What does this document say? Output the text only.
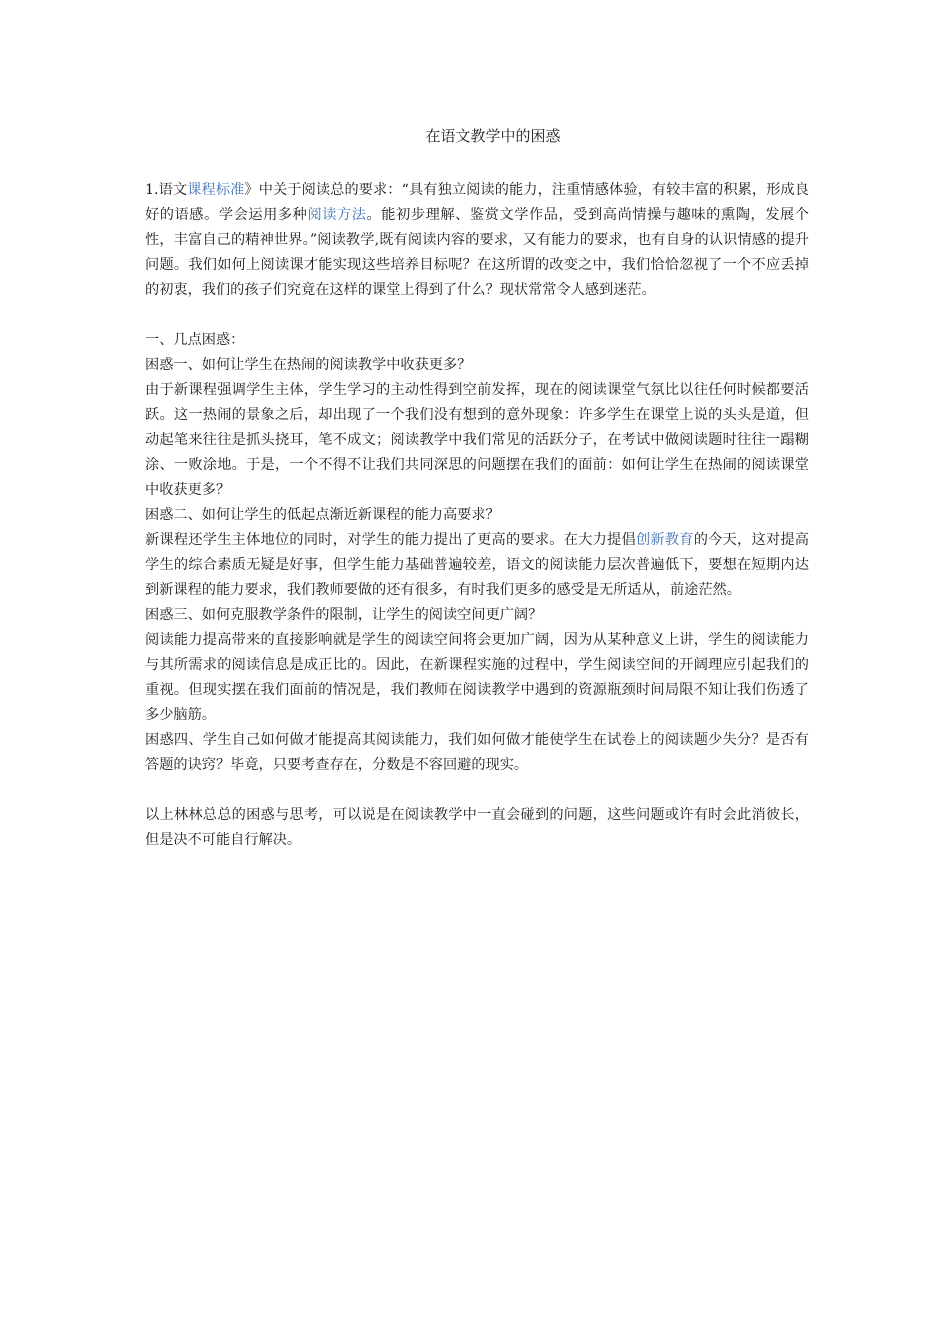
在语文教学中的困惑

1.语文课程标准》中关于阅读总的要求：“具有独立阅读的能力，注重情感体验，有较丰富的积累，形成良好的语感。学会运用多种阅读方法。能初步理解、鉴赏文学作品，受到高尚情操与趣味的熏陶，发展个性，丰富自己的精神世界。”阅读教学,既有阅读内容的要求，又有能力的要求，也有自身的认识情感的提升问题。我们如何上阅读课才能实现这些培养目标呢？在这所谓的改变之中，我们恰恰忽视了一个不应丢掉的初衷，我们的孩子们究竟在这样的课堂上得到了什么？现状常常令人感到迷茫。

一、几点困惑：

困惑一、如何让学生在热闹的阅读教学中收获更多？

由于新课程强调学生主体，学生学习的主动性得到空前发挥，现在的阅读课堂气氛比以往任何时候都要活跃。这一热闹的景象之后，却出现了一个我们没有想到的意外现象：许多学生在课堂上说的头头是道，但动起笔来往往是抓头挠耳，笔不成文；阅读教学中我们常见的活跃分子，在考试中做阅读题时往往一蹋糊涂、一败涂地。于是，一个不得不让我们共同深思的问题摆在我们的面前：如何让学生在热闹的阅读课堂中收获更多？

困惑二、如何让学生的低起点渐近新课程的能力高要求？

新课程还学生主体地位的同时，对学生的能力提出了更高的要求。在大力提倡创新教育的今天，这对提高学生的综合素质无疑是好事，但学生能力基础普遍较差，语文的阅读能力层次普遍低下，要想在短期内达到新课程的能力要求，我们教师要做的还有很多，有时我们更多的感受是无所适从，前途茫然。

困惑三、如何克服教学条件的限制，让学生的阅读空间更广阔？

阅读能力提高带来的直接影响就是学生的阅读空间将会更加广阔，因为从某种意义上讲，学生的阅读能力与其所需求的阅读信息是成正比的。因此，在新课程实施的过程中，学生阅读空间的开阔理应引起我们的重视。但现实摆在我们面前的情况是，我们教师在阅读教学中遇到的资源瓶颈时间局限不知让我们伤透了多少脑筋。

困惑四、学生自己如何做才能提高其阅读能力，我们如何做才能使学生在试卷上的阅读题少失分？是否有答题的诀窍？毕竟，只要考查存在，分数是不容回避的现实。

以上林林总总的困惑与思考，可以说是在阅读教学中一直会碰到的问题，这些问题或许有时会此消彼长，但是决不可能自行解决。
